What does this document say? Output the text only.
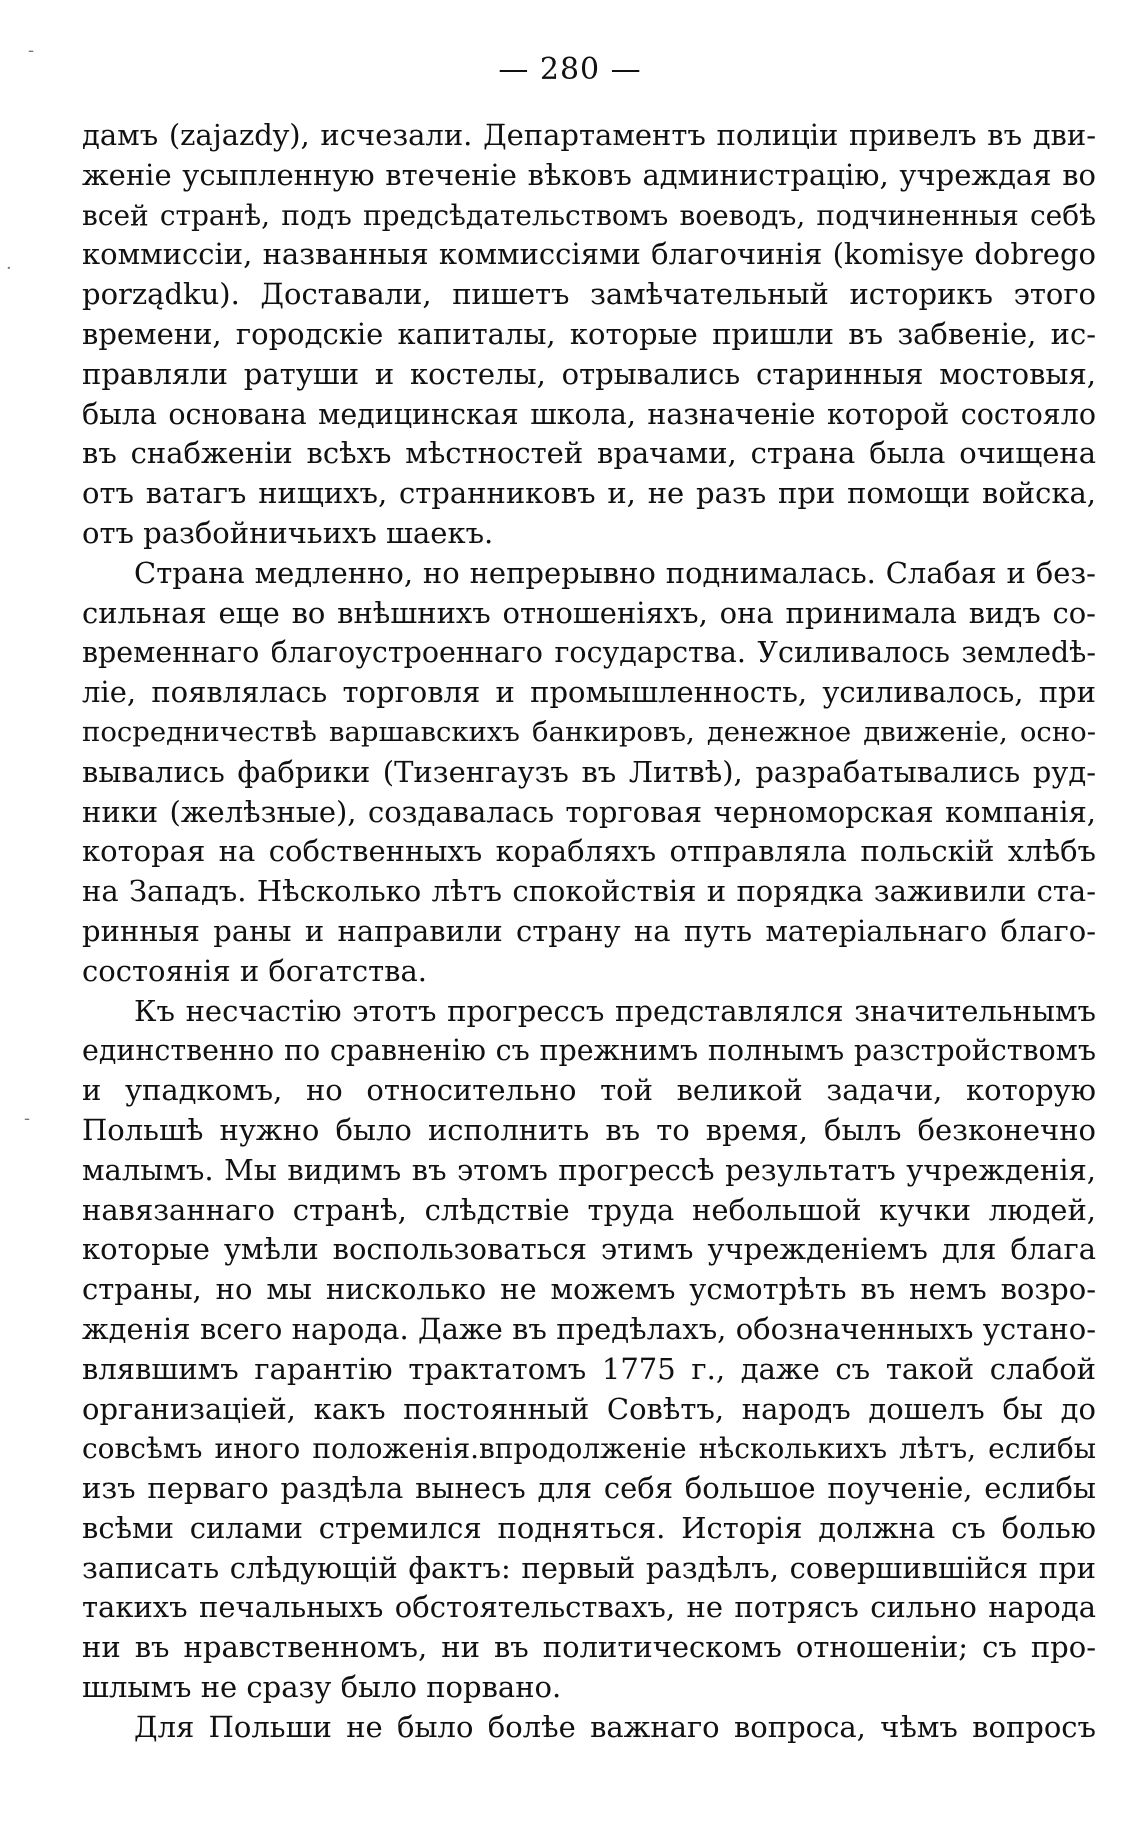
-
·
-
— 280 —
дамъ (zajazdy), исчезали. Департаментъ полиціи привелъ въ дви-
женіе усыпленную втеченіе вѣковъ администрацію, учреждая во
всей странѣ, подъ предсѣдательствомъ воеводъ, подчиненныя себѣ
коммиссіи, названныя коммиссіями благочинія (komisye dobrego
porządku). Доставали, пишетъ замѣчательный историкъ этого
времени, городскіе капиталы, которые пришли въ забвеніе, ис-
правляли ратуши и костелы, отрывались старинныя мостовыя,
была основана медицинская школа, назначеніе которой состояло
въ снабженіи всѣхъ мѣстностей врачами, страна была очищена
отъ ватагъ нищихъ, странниковъ и, не разъ при помощи войска,
отъ разбойничьихъ шаекъ.
Страна медленно, но непрерывно поднималась. Слабая и без-
сильная еще во внѣшнихъ отношеніяхъ, она принимала видъ со-
временнаго благоустроеннаго государства. Усиливалось землedѣ-
ліе, появлялась торговля и промышленность, усиливалось, при
посредничествѣ варшавскихъ банкировъ, денежное движеніе, осно-
вывались фабрики (Тизенгаузъ въ Литвѣ), разрабатывались руд-
ники (желѣзные), создавалась торговая черноморская компанія,
которая на собственныхъ корабляхъ отправляла польскій хлѣбъ
на Западъ. Нѣсколько лѣтъ спокойствія и порядка заживили ста-
ринныя раны и направили страну на путь матеріальнаго благо-
состоянія и богатства.
Къ несчастію этотъ прогрессъ представлялся значительнымъ
единственно по сравненію съ прежнимъ полнымъ разстройствомъ
и упадкомъ, но относительно той великой задачи, которую
Польшѣ нужно было исполнить въ то время, былъ безконечно
малымъ. Мы видимъ въ этомъ прогрессѣ результатъ учрежденія,
навязаннаго странѣ, слѣдствіе труда небольшой кучки людей,
которые умѣли воспользоваться этимъ учрежденіемъ для блага
страны, но мы нисколько не можемъ усмотрѣть въ немъ возро-
жденія всего народа. Даже въ предѣлахъ, обозначенныхъ устано-
влявшимъ гарантію трактатомъ 1775 г., даже съ такой слабой
организаціей, какъ постоянный Совѣтъ, народъ дошелъ бы до
совсѣмъ иного положенія.впродолженіе нѣсколькихъ лѣтъ, еслибы
изъ перваго раздѣла вынесъ для себя большое поученіе, еслибы
всѣми силами стремился подняться. Исторія должна съ болью
записать слѣдующій фактъ: первый раздѣлъ, совершившійся при
такихъ печальныхъ обстоятельствахъ, не потрясъ сильно народа
ни въ нравственномъ, ни въ политическомъ отношеніи; съ про-
шлымъ не сразу было порвано.
Для Польши не было болѣе важнаго вопроса, чѣмъ вопросъ
